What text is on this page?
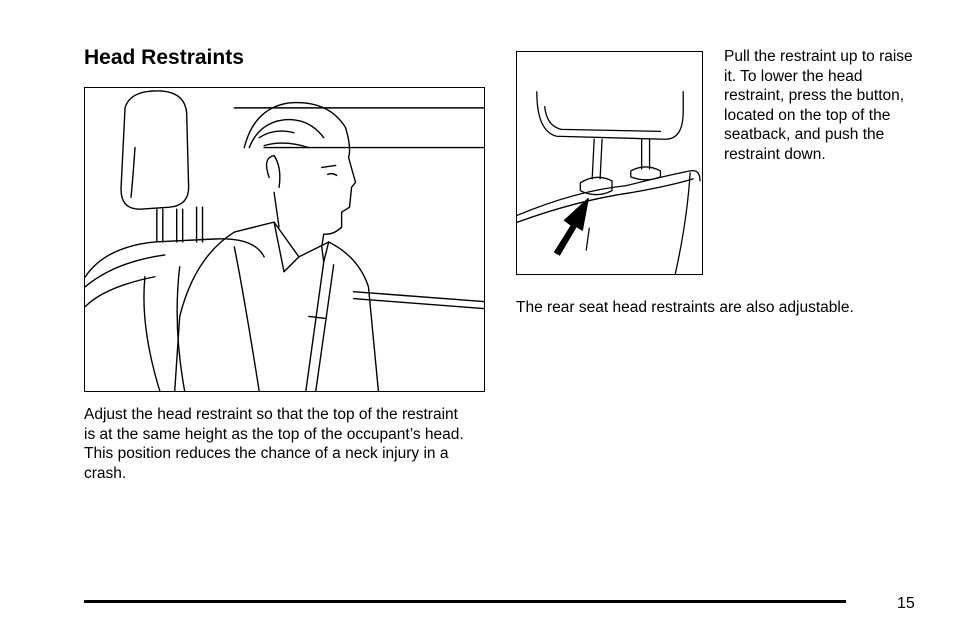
Head Restraints

Adjust the head restraint so that the top of the restraint is at the same height as the top of the occupant’s head. This position reduces the chance of a neck injury in a crash.

Pull the restraint up to raise it. To lower the head restraint, press the button, located on the top of the seatback, and push the restraint down.

The rear seat head restraints are also adjustable.

15
